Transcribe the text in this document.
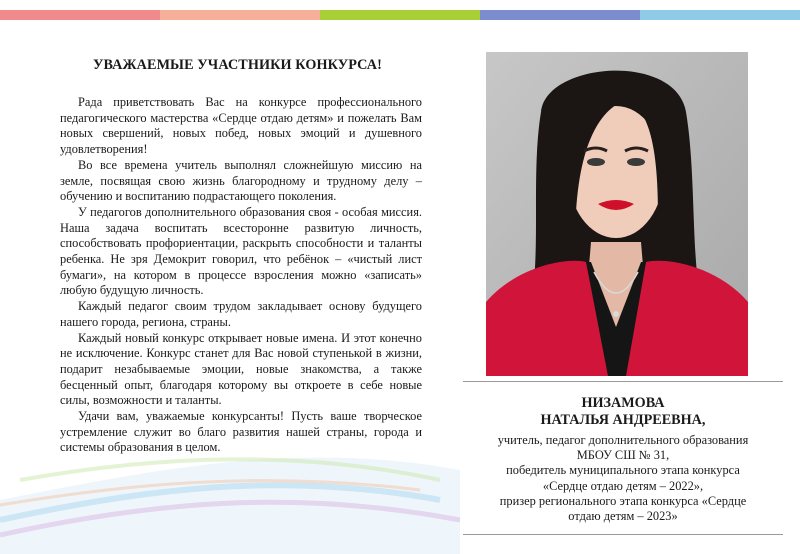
УВАЖАЕМЫЕ УЧАСТНИКИ КОНКУРСА!

Рада приветствовать Вас на конкурсе профессионального педагогического мастерства «Сердце отдаю детям» и пожелать Вам новых свершений, новых побед, новых эмоций и душевного удовлетворения!

Во все времена учитель выполнял сложнейшую миссию на земле, посвящая свою жизнь благородному и трудному делу – обучению и воспитанию подрастающего поколения.

У педагогов дополнительного образования своя - особая миссия. Наша задача воспитать всесторонне развитую личность, способствовать профориентации, раскрыть способности и таланты ребенка. Не зря Демокрит говорил, что ребёнок – «чистый лист бумаги», на котором в процессе взросления можно «записать» любую будущую личность.

Каждый педагог своим трудом закладывает основу будущего нашего города, региона, страны.

Каждый новый конкурс открывает новые имена. И этот конечно не исключение. Конкурс станет для Вас новой ступенькой в жизни, подарит незабываемые эмоции, новые знакомства, а также бесценный опыт, благодаря которому вы откроете в себе новые силы, возможности и таланты.

Удачи вам, уважаемые конкурсанты! Пусть ваше творческое устремление служит во благо развития нашей страны, города и системы образования в целом.

НИЗАМОВА
НАТАЛЬЯ АНДРЕЕВНА,
учитель, педагог дополнительного образования
МБОУ СШ № 31,
победитель муниципального этапа конкурса
«Сердце отдаю детям – 2022»,
призер регионального этапа конкурса «Сердце
отдаю детям – 2023»
